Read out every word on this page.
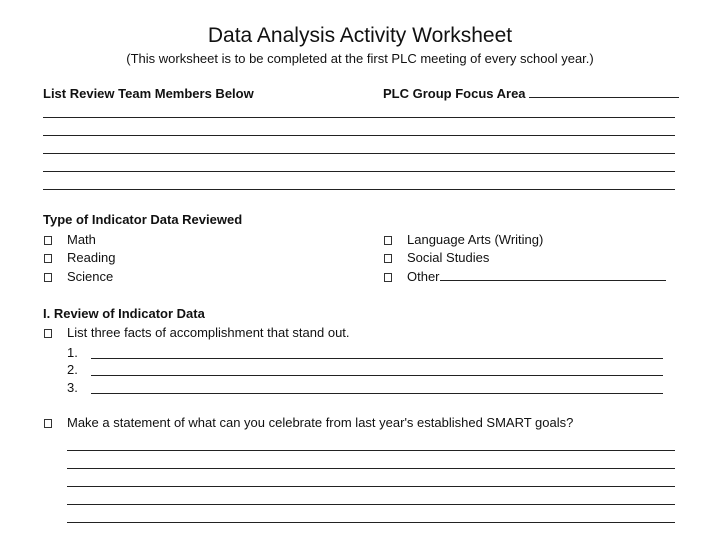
Data Analysis Activity Worksheet
(This worksheet is to be completed at the first PLC meeting of every school year.)
List Review Team Members Below	PLC Group Focus Area
Type of Indicator Data Reviewed
Math
Reading
Science
Language Arts (Writing)
Social Studies
Other
I. Review of Indicator Data
List three facts of accomplishment that stand out.
1.
2.
3.
Make a statement of what can you celebrate from last year's established SMART goals?
